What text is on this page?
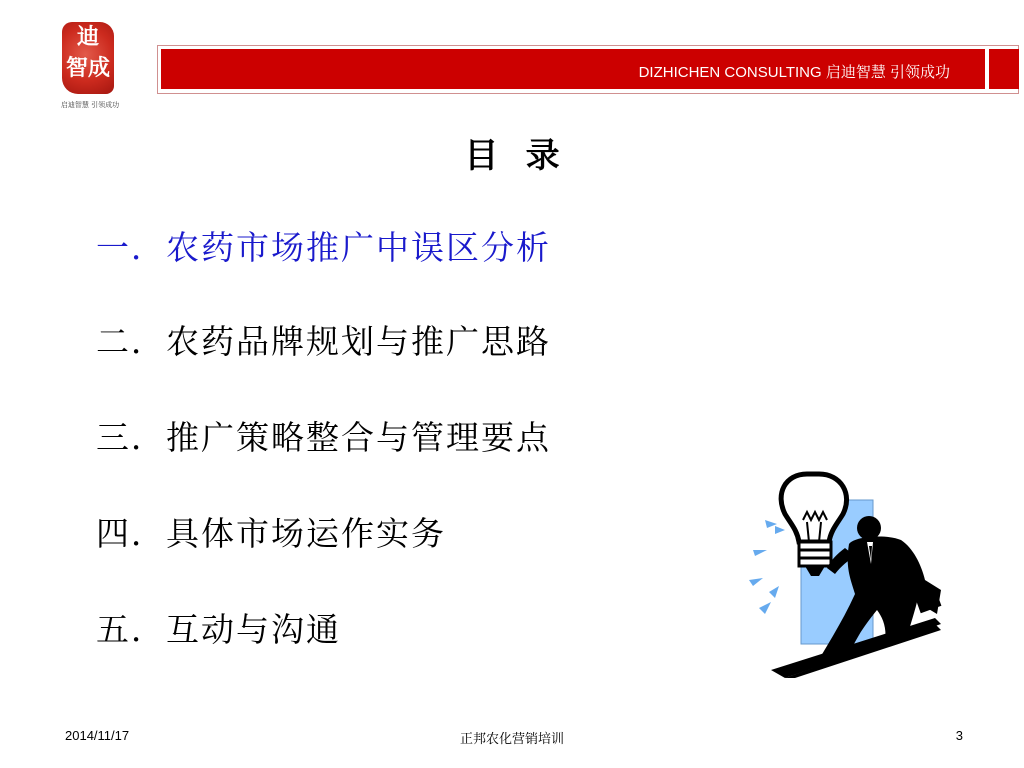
迪
智成
启迪智慧 引领成功
DIZHICHEN CONSULTING 启迪智慧 引领成功
目录
一．农药市场推广中误区分析
二．农药品牌规划与推广思路
三．推广策略整合与管理要点
四．具体市场运作实务
五．互动与沟通
2014/11/17	正邦农化营销培训	3
